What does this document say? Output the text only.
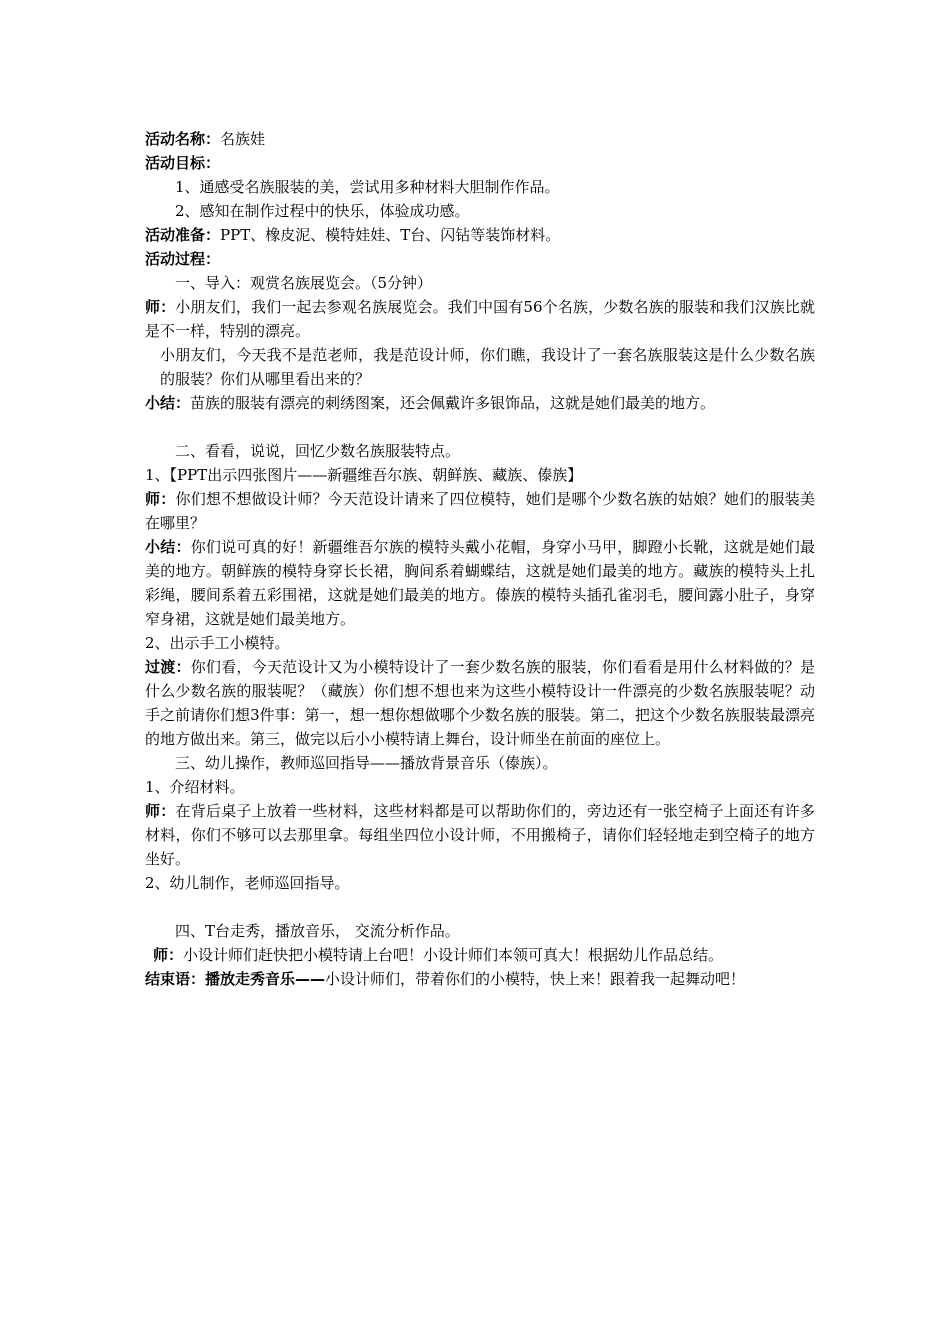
活动名称：名族娃
活动目标：
1、通感受名族服装的美，尝试用多种材料大胆制作作品。
2、感知在制作过程中的快乐，体验成功感。
活动准备：PPT、橡皮泥、模特娃娃、T台、闪钻等装饰材料。
活动过程：
一、导入：观赏名族展览会。（5分钟）
师：小朋友们，我们一起去参观名族展览会。我们中国有56个名族，少数名族的服装和我们汉族比就是不一样，特别的漂亮。
小朋友们，今天我不是范老师，我是范设计师，你们瞧，我设计了一套名族服装这是什么少数名族的服装？你们从哪里看出来的？
小结：苗族的服装有漂亮的刺绣图案，还会佩戴许多银饰品，这就是她们最美的地方。
二、看看，说说，回忆少数名族服装特点。
1、【PPT出示四张图片——新疆维吾尔族、朝鲜族、藏族、傣族】
师：你们想不想做设计师？今天范设计请来了四位模特，她们是哪个少数名族的姑娘？她们的服装美在哪里？
小结：你们说可真的好！新疆维吾尔族的模特头戴小花帽，身穿小马甲，脚蹬小长靴，这就是她们最美的地方。朝鲜族的模特身穿长长裙，胸间系着蝴蝶结，这就是她们最美的地方。藏族的模特头上扎彩绳，腰间系着五彩围裙，这就是她们最美的地方。傣族的模特头插孔雀羽毛，腰间露小肚子，身穿窄身裙，这就是她们最美地方。
2、出示手工小模特。
过渡：你们看，今天范设计又为小模特设计了一套少数名族的服装，你们看看是用什么材料做的？是什么少数名族的服装呢？（藏族）你们想不想也来为这些小模特设计一件漂亮的少数名族服装呢？动手之前请你们想3件事：第一，想一想你想做哪个少数名族的服装。第二，把这个少数名族服装最漂亮的地方做出来。第三，做完以后小小模特请上舞台，设计师坐在前面的座位上。
三、幼儿操作，教师巡回指导——播放背景音乐（傣族）。
1、介绍材料。
师：在背后桌子上放着一些材料，这些材料都是可以帮助你们的，旁边还有一张空椅子上面还有许多材料，你们不够可以去那里拿。每组坐四位小设计师，不用搬椅子，请你们轻轻地走到空椅子的地方坐好。
2、幼儿制作，老师巡回指导。
四、T台走秀，播放音乐， 交流分析作品。
师：小设计师们赶快把小模特请上台吧！小设计师们本领可真大！根据幼儿作品总结。
结束语：播放走秀音乐——小设计师们，带着你们的小模特，快上来！跟着我一起舞动吧！
